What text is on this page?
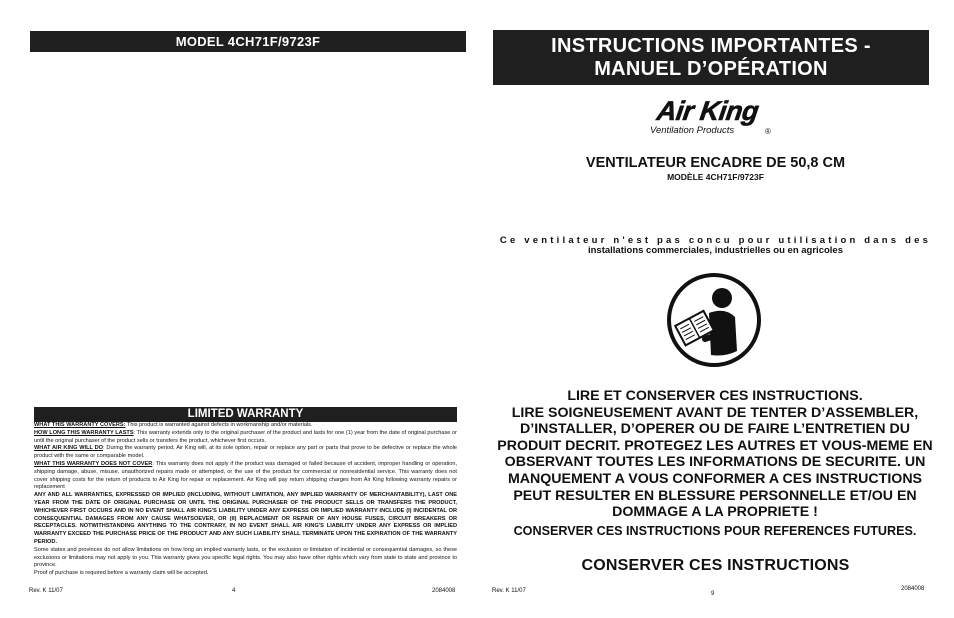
MODEL 4CH71F/9723F
LIMITED WARRANTY

WHAT THIS WARRANTY COVERS: This product is warranted against defects in workmanship and/or materials.

HOW LONG THIS WARRANTY LASTS: This warranty extends only to the original purchaser of the product and lasts for one (1) year from the date of original purchase or until the original purchaser of the product sells or transfers the product, whichever first occurs.

WHAT AIR KING WILL DO: During the warranty period, Air King will, at its sole option, repair or replace any part or parts that prove to be defective or replace the whole product with the same or comparable model.

WHAT THIS WARRANTY DOES NOT COVER: This warranty does not apply if the product was damaged or failed because of accident, improper handling or operation, shipping damage, abuse, misuse, unauthorized repairs made or attempted, or the use of the product for commercial or nonresidential service. This warranty does not cover shipping costs for the return of products to Air King for repair or replacement. Air King will pay return shipping charges from Air King following warranty repairs or replacement

ANY AND ALL WARRANTIES, EXPRESSED OR IMPLIED (INCLUDING, WITHOUT LIMITATION, ANY IMPLIED WARRANTY OF MERCHANTABILITY), LAST ONE YEAR FROM THE DATE OF ORIGINAL PURCHASE OR UNTIL THE ORIGINAL PURCHASER OF THE PRODUCT SELLS OR TRANSFERS THE PRODUCT, WHICHEVER FIRST OCCURS AND IN NO EVENT SHALL AIR KING'S LIABILITY UNDER ANY EXPRESS OR IMPLIED WARRANTY INCLUDE (I) INCIDENTAL OR CONSEQUENTIAL DAMAGES FROM ANY CAUSE WHATSOEVER, OR (II) REPLACMENT OR REPAIR OF ANY HOUSE FUSES, CIRCUIT BREAKERS OR RECEPTACLES. NOTWITHSTANDING ANYTHING TO THE CONTRARY, IN NO EVENT SHALL AIR KING'S LIABILITY UNDER ANY EXPRESS OR IMPLIED WARRANTY EXCEED THE PURCHASE PRICE OF THE PRODUCT AND ANY SUCH LIABILITY SHALL TERMINATE UPON THE EXPIRATION OF THE WARRANTY PERIOD.

Some states and provinces do not allow limitations on how long an implied warranty lasts, or the exclusion or limitation of incidental or consequential damages, so these exclusions or limitations may not apply to you. This warranty gives you specific legal rights. You may also have other rights which vary from state to state and province to province.

Proof of purchase is required before a warranty claim will be accepted.

Rev. K 11/07	4	2084008
INSTRUCTIONS IMPORTANTES -
MANUEL D’OPÉRATION
Air King
Ventilation Products	®
VENTILATEUR ENCADRE DE 50,8 CM
MODÈLE 4CH71F/9723F
Ce ventilateur n'est pas concu pour utilisation dans des
installations commerciales, industrielles ou en agricoles
LIRE ET CONSERVER CES INSTRUCTIONS.
LIRE SOIGNEUSEMENT AVANT DE TENTER D’ASSEMBLER,
D’INSTALLER, D’OPERER OU DE FAIRE L’ENTRETIEN DU
PRODUIT DECRIT. PROTEGEZ LES AUTRES ET VOUS-MEME EN
OBSERVANT TOUTES LES INFORMATIONS DE SECURITE. UN
MANQUEMENT A VOUS CONFORMER A CES INSTRUCTIONS
PEUT RESULTER EN BLESSURE PERSONNELLE ET/OU EN
DOMMAGE A LA PROPRIETE !
CONSERVER CES INSTRUCTIONS POUR REFERENCES FUTURES.
CONSERVER CES INSTRUCTIONS
Rev. K 11/07	9
2084008
